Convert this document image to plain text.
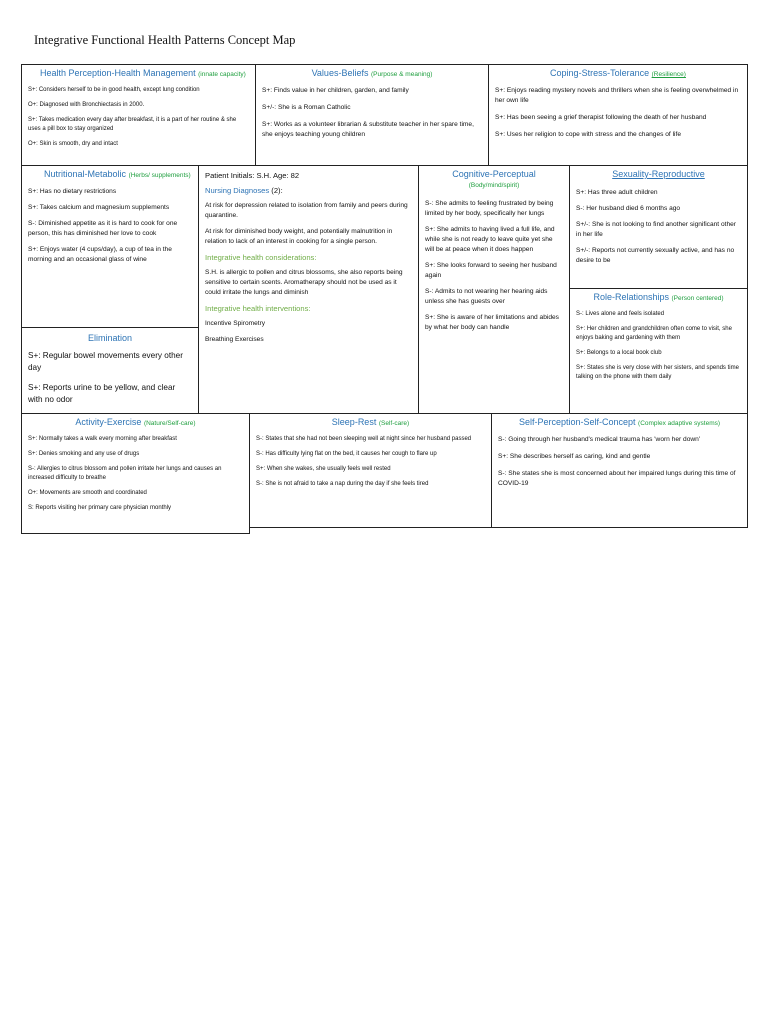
Integrative Functional Health Patterns Concept Map
Health Perception-Health Management (innate capacity)

S+: Considers herself to be in good health, except lung condition

O+: Diagnosed with Bronchiectasis in 2000.

S+: Takes medication every day after breakfast, it is a part of her routine & she uses a pill box to stay organized

O+: Skin is smooth, dry and intact

Values-Beliefs (Purpose & meaning)

S+: Finds value in her children, garden, and family

S+/-: She is a Roman Catholic

S+: Works as a volunteer librarian & substitute teacher in her spare time, she enjoys teaching young children

Coping-Stress-Tolerance (Resilience)

S+: Enjoys reading mystery novels and thrillers when she is feeling overwhelmed in her own life

S+: Has been seeing a grief therapist following the death of her husband

S+: Uses her religion to cope with stress and the changes of life

Nutritional-Metabolic (Herbs/ supplements)

S+: Has no dietary restrictions

S+: Takes calcium and magnesium supplements

S-: Diminished appetite as it is hard to cook for one person, this has diminished her love to cook

S+: Enjoys water (4 cups/day), a cup of tea in the morning and an occasional glass of wine

Patient Initials: S.H. Age: 82
Nursing Diagnoses (2):

At risk for depression related to isolation from family and peers during quarantine.

At risk for diminished body weight, and potentially malnutrition in relation to lack of an interest in cooking for a single person.

Integrative health considerations:

S.H. is allergic to pollen and citrus blossoms, she also reports being sensitive to certain scents. Aromatherapy should not be used as it could irritate the lungs and diminish

Integrative health interventions:

Incentive Spirometry

Breathing Exercises

Cognitive-Perceptual
(Body/mind/spirit)

S-: She admits to feeling frustrated by being limited by her body, specifically her lungs

S+: She admits to having lived a full life, and while she is not ready to leave quite yet she will be at peace when it does happen

S+: She looks forward to seeing her husband again

S-: Admits to not wearing her hearing aids unless she has guests over

S+: She is aware of her limitations and abides by what her body can handle

Sexuality-Reproductive

S+: Has three adult children

S-: Her husband died 6 months ago

S+/-: She is not looking to find another significant other in her life

S+/-: Reports not currently sexually active, and has no desire to be

Elimination

S+: Regular bowel movements every other day

S+: Reports urine to be yellow, and clear with no odor

Role-Relationships (Person centered)

S-: Lives alone and feels isolated

S+: Her children and grandchildren often come to visit, she enjoys baking and gardening with them

S+: Belongs to a local book club

S+: States she is very close with her sisters, and spends time talking on the phone with them daily

Activity-Exercise (Nature/Self-care)

S+: Normally takes a walk every morning after breakfast

S+: Denies smoking and any use of drugs

S-: Allergies to citrus blossom and pollen irritate her lungs and causes an increased difficulty to breathe

O+: Movements are smooth and coordinated

S: Reports visiting her primary care physician monthly

Sleep-Rest (Self-care)

S-: States that she had not been sleeping well at night since her husband passed

S-: Has difficulty lying flat on the bed, it causes her cough to flare up

S+: When she wakes, she usually feels well rested

S-: She is not afraid to take a nap during the day if she feels tired

Self-Perception-Self-Concept (Complex adaptive systems)

S-: Going through her husband's medical trauma has 'worn her down'

S+: She describes herself as caring, kind and gentle

S-: She states she is most concerned about her impaired lungs during this time of COVID-19
